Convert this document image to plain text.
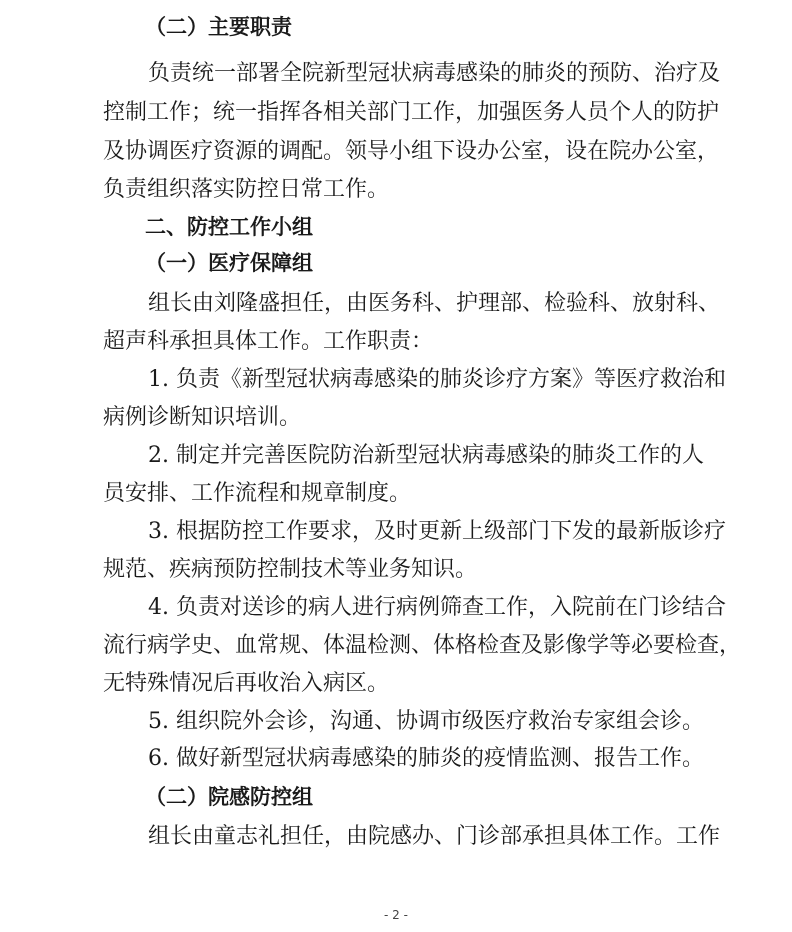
（二）主要职责
负责统一部署全院新型冠状病毒感染的肺炎的预防、治疗及
控制工作；统一指挥各相关部门工作，加强医务人员个人的防护
及协调医疗资源的调配。领导小组下设办公室，设在院办公室，
负责组织落实防控日常工作。
二、防控工作小组
（一）医疗保障组
组长由刘隆盛担任，由医务科、护理部、检验科、放射科、
超声科承担具体工作。工作职责：
1. 负责《新型冠状病毒感染的肺炎诊疗方案》等医疗救治和
病例诊断知识培训。
2. 制定并完善医院防治新型冠状病毒感染的肺炎工作的人
员安排、工作流程和规章制度。
3. 根据防控工作要求，及时更新上级部门下发的最新版诊疗
规范、疾病预防控制技术等业务知识。
4. 负责对送诊的病人进行病例筛查工作，入院前在门诊结合
流行病学史、血常规、体温检测、体格检查及影像学等必要检查，
无特殊情况后再收治入病区。
5. 组织院外会诊，沟通、协调市级医疗救治专家组会诊。
6. 做好新型冠状病毒感染的肺炎的疫情监测、报告工作。
（二）院感防控组
组长由童志礼担任，由院感办、门诊部承担具体工作。工作
- 2 -
